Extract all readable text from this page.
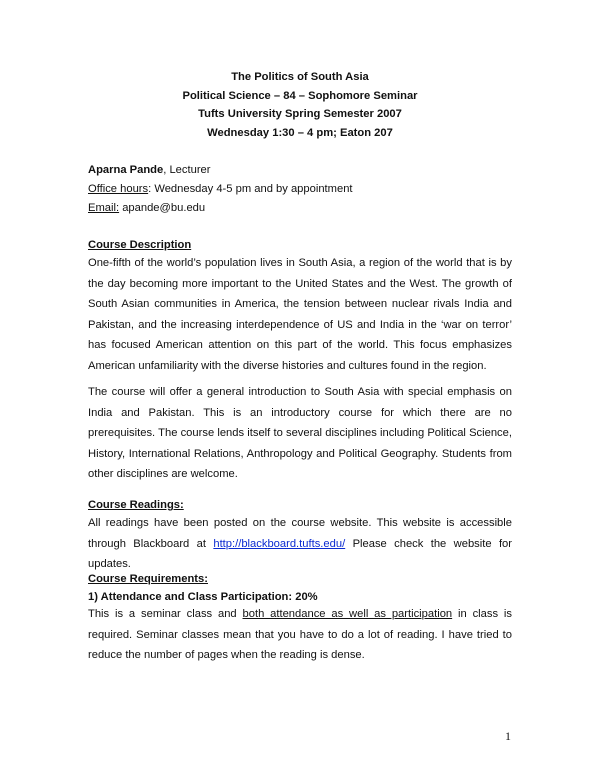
The Politics of South Asia
Political Science – 84 – Sophomore Seminar
Tufts University Spring Semester 2007
Wednesday 1:30 – 4 pm; Eaton 207
Aparna Pande, Lecturer
Office hours: Wednesday 4-5 pm and by appointment
Email: apande@bu.edu
Course Description
One-fifth of the world’s population lives in South Asia, a region of the world that is by the day becoming more important to the United States and the West. The growth of South Asian communities in America, the tension between nuclear rivals India and Pakistan, and the increasing interdependence of US and India in the ‘war on terror’ has focused American attention on this part of the world. This focus emphasizes American unfamiliarity with the diverse histories and cultures found in the region.
The course will offer a general introduction to South Asia with special emphasis on India and Pakistan. This is an introductory course for which there are no prerequisites. The course lends itself to several disciplines including Political Science, History, International Relations, Anthropology and Political Geography. Students from other disciplines are welcome.
Course Readings:
All readings have been posted on the course website. This website is accessible through Blackboard at http://blackboard.tufts.edu/ Please check the website for updates.
Course Requirements:
1) Attendance and Class Participation: 20%
This is a seminar class and both attendance as well as participation in class is required. Seminar classes mean that you have to do a lot of reading. I have tried to reduce the number of pages when the reading is dense.
1
